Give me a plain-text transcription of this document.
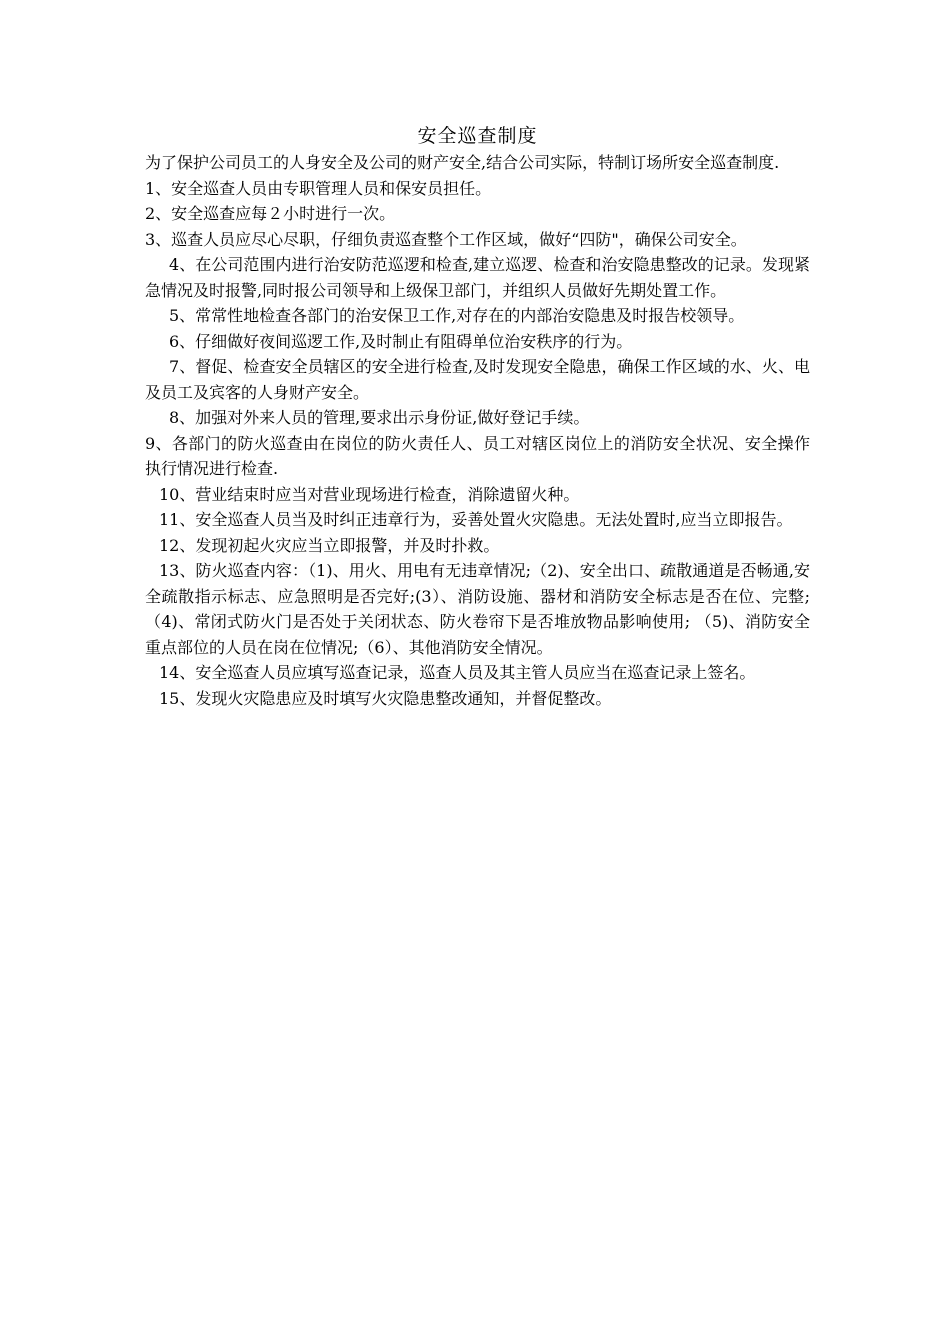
安全巡查制度

为了保护公司员工的人身安全及公司的财产安全,结合公司实际，特制订场所安全巡查制度.

1、安全巡查人员由专职管理人员和保安员担任。

2、安全巡查应每２小时进行一次。

3、巡查人员应尽心尽职，仔细负责巡查整个工作区域，做好“四防"，确保公司安全。

4、在公司范围内进行治安防范巡逻和检查,建立巡逻、检查和治安隐患整改的记录。发现紧急情况及时报警,同时报公司领导和上级保卫部门，并组织人员做好先期处置工作。

5、常常性地检查各部门的治安保卫工作,对存在的内部治安隐患及时报告校领导。

6、仔细做好夜间巡逻工作,及时制止有阻碍单位治安秩序的行为。

7、督促、检查安全员辖区的安全进行检查,及时发现安全隐患，确保工作区域的水、火、电及员工及宾客的人身财产安全。

8、加强对外来人员的管理,要求出示身份证,做好登记手续。

9、各部门的防火巡查由在岗位的防火责任人、员工对辖区岗位上的消防安全状况、安全操作执行情况进行检查.

10、营业结束时应当对营业现场进行检查，消除遗留火种。

11、安全巡查人员当及时纠正违章行为，妥善处置火灾隐患。无法处置时,应当立即报告。

12、发现初起火灾应当立即报警，并及时扑救。

13、防火巡查内容：（1)、用火、用电有无违章情况;（2)、安全出口、疏散通道是否畅通,安全疏散指示标志、应急照明是否完好;(3）、消防设施、器材和消防安全标志是否在位、完整;（4)、常闭式防火门是否处于关闭状态、防火卷帘下是否堆放物品影响使用; （5)、消防安全重点部位的人员在岗在位情况;（6）、其他消防安全情况。

14、安全巡查人员应填写巡查记录，巡查人员及其主管人员应当在巡查记录上签名。

15、发现火灾隐患应及时填写火灾隐患整改通知，并督促整改。
